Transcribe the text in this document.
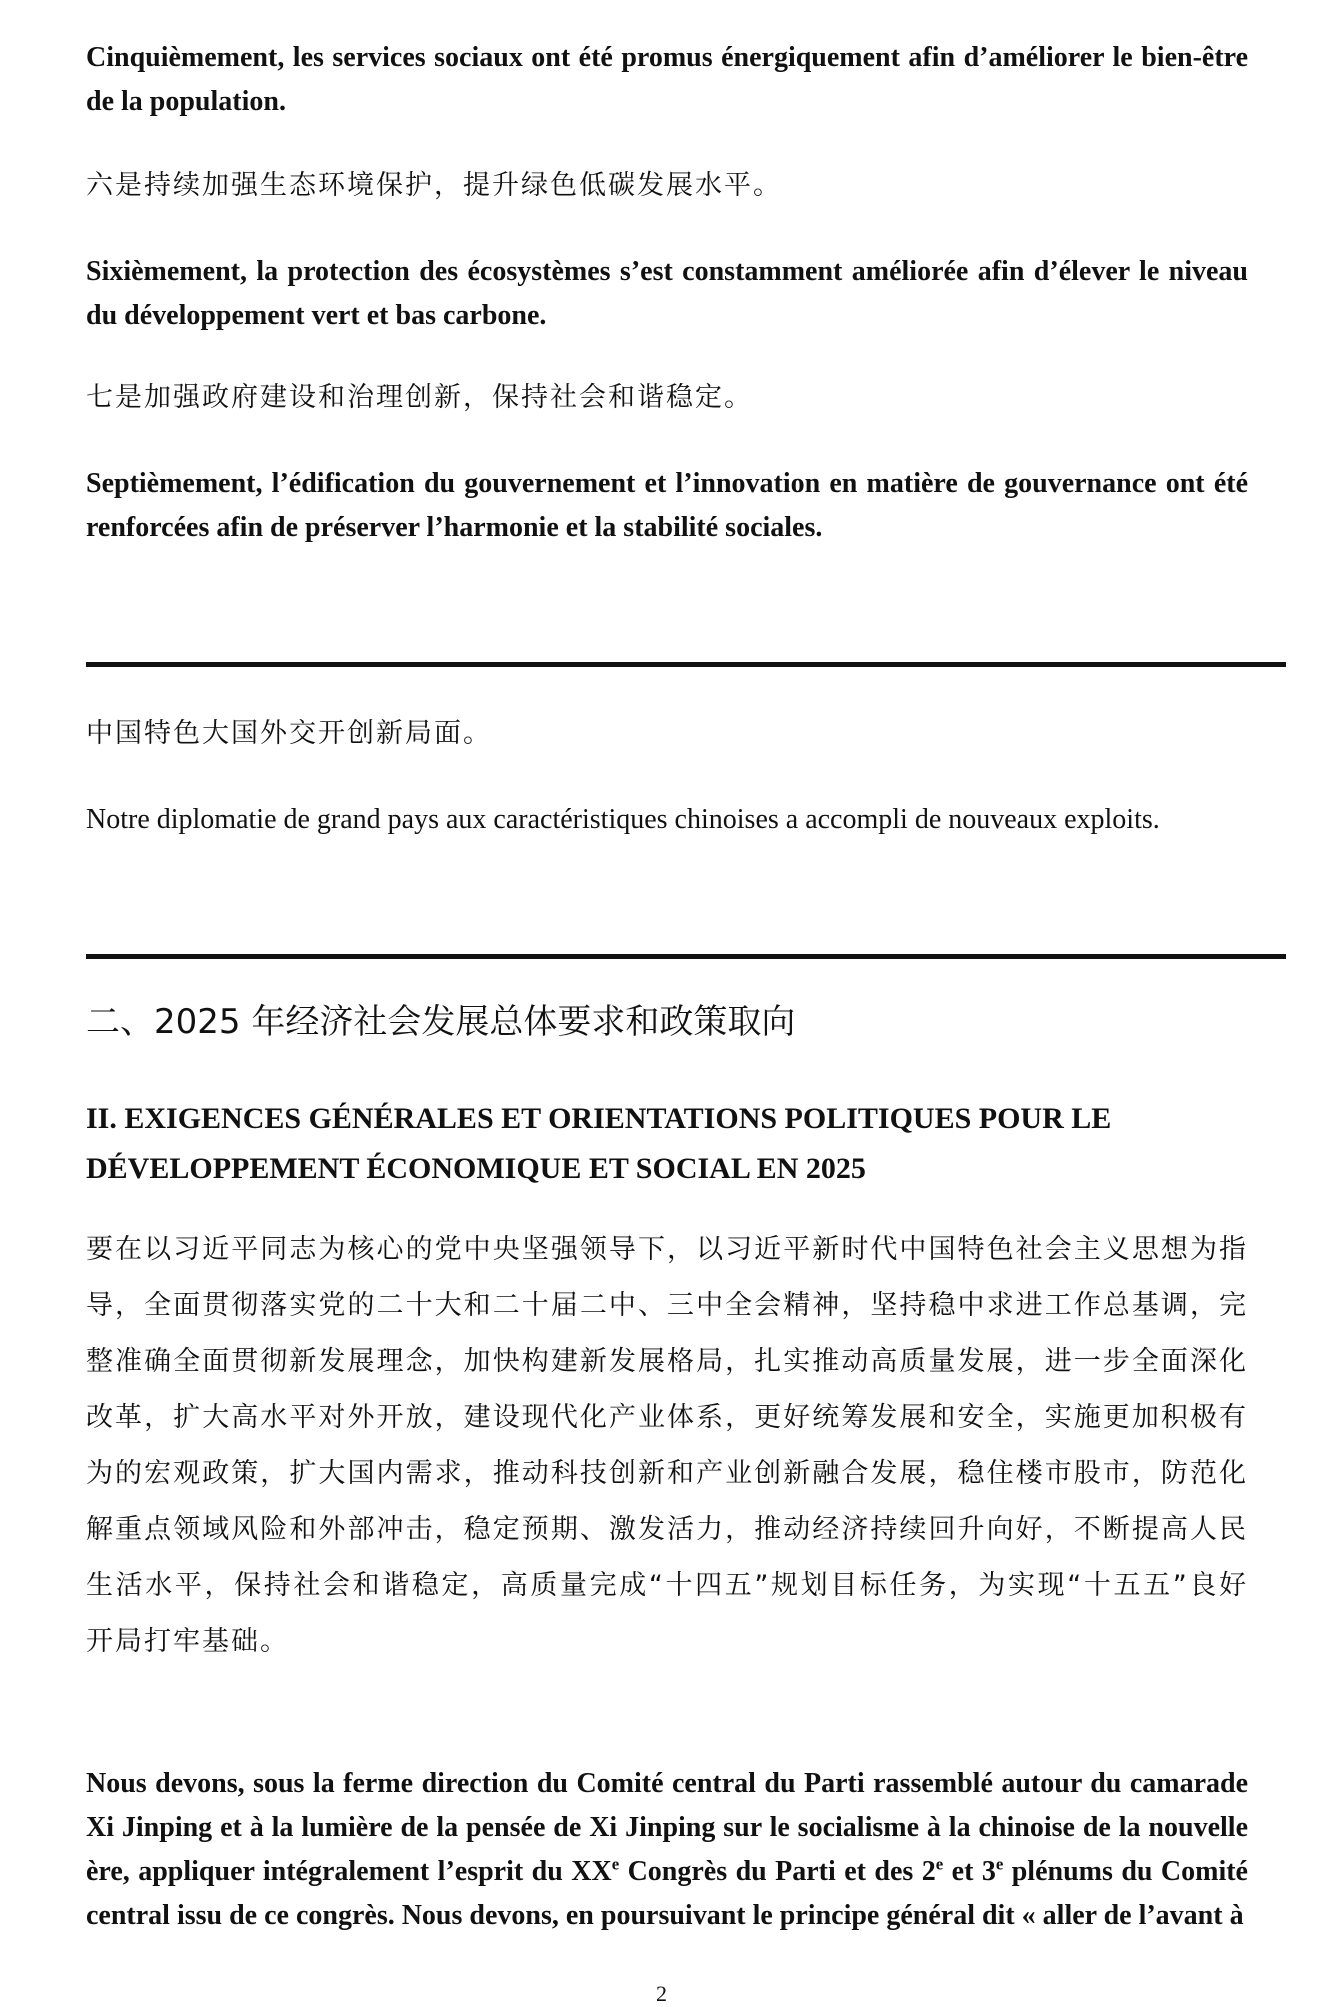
Cinquièmement, les services sociaux ont été promus énergiquement afin d’améliorer le bien-être de la population.

六是持续加强生态环境保护，提升绿色低碳发展水平。

Sixièmement, la protection des écosystèmes s’est constamment améliorée afin d’élever le niveau du développement vert et bas carbone.

七是加强政府建设和治理创新，保持社会和谐稳定。

Septièmement, l’édification du gouvernement et l’innovation en matière de gouvernance ont été renforcées afin de préserver l’harmonie et la stabilité sociales.

中国特色大国外交开创新局面。

Notre diplomatie de grand pays aux caractéristiques chinoises a accompli de nouveaux exploits.

二、2025 年经济社会发展总体要求和政策取向
II. EXIGENCES GÉNÉRALES ET ORIENTATIONS POLITIQUES POUR LE DÉVELOPPEMENT ÉCONOMIQUE ET SOCIAL EN 2025

要在以习近平同志为核心的党中央坚强领导下，以习近平新时代中国特色社会主义思想为指导，全面贯彻落实党的二十大和二十届二中、三中全会精神，坚持稳中求进工作总基调，完整准确全面贯彻新发展理念，加快构建新发展格局，扎实推动高质量发展，进一步全面深化改革，扩大高水平对外开放，建设现代化产业体系，更好统筹发展和安全，实施更加积极有为的宏观政策，扩大国内需求，推动科技创新和产业创新融合发展，稳住楼市股市，防范化解重点领域风险和外部冲击，稳定预期、激发活力，推动经济持续回升向好，不断提高人民生活水平，保持社会和谐稳定，高质量完成“十四五”规划目标任务，为实现“十五五”良好开局打牢基础。

Nous devons, sous la ferme direction du Comité central du Parti rassemblé autour du camarade Xi Jinping et à la lumière de la pensée de Xi Jinping sur le socialisme à la chinoise de la nouvelle ère, appliquer intégralement l’esprit du XXe Congrès du Parti et des 2e et 3e plénums du Comité central issu de ce congrès. Nous devons, en poursuivant le principe général dit « aller de l’avant à

2
